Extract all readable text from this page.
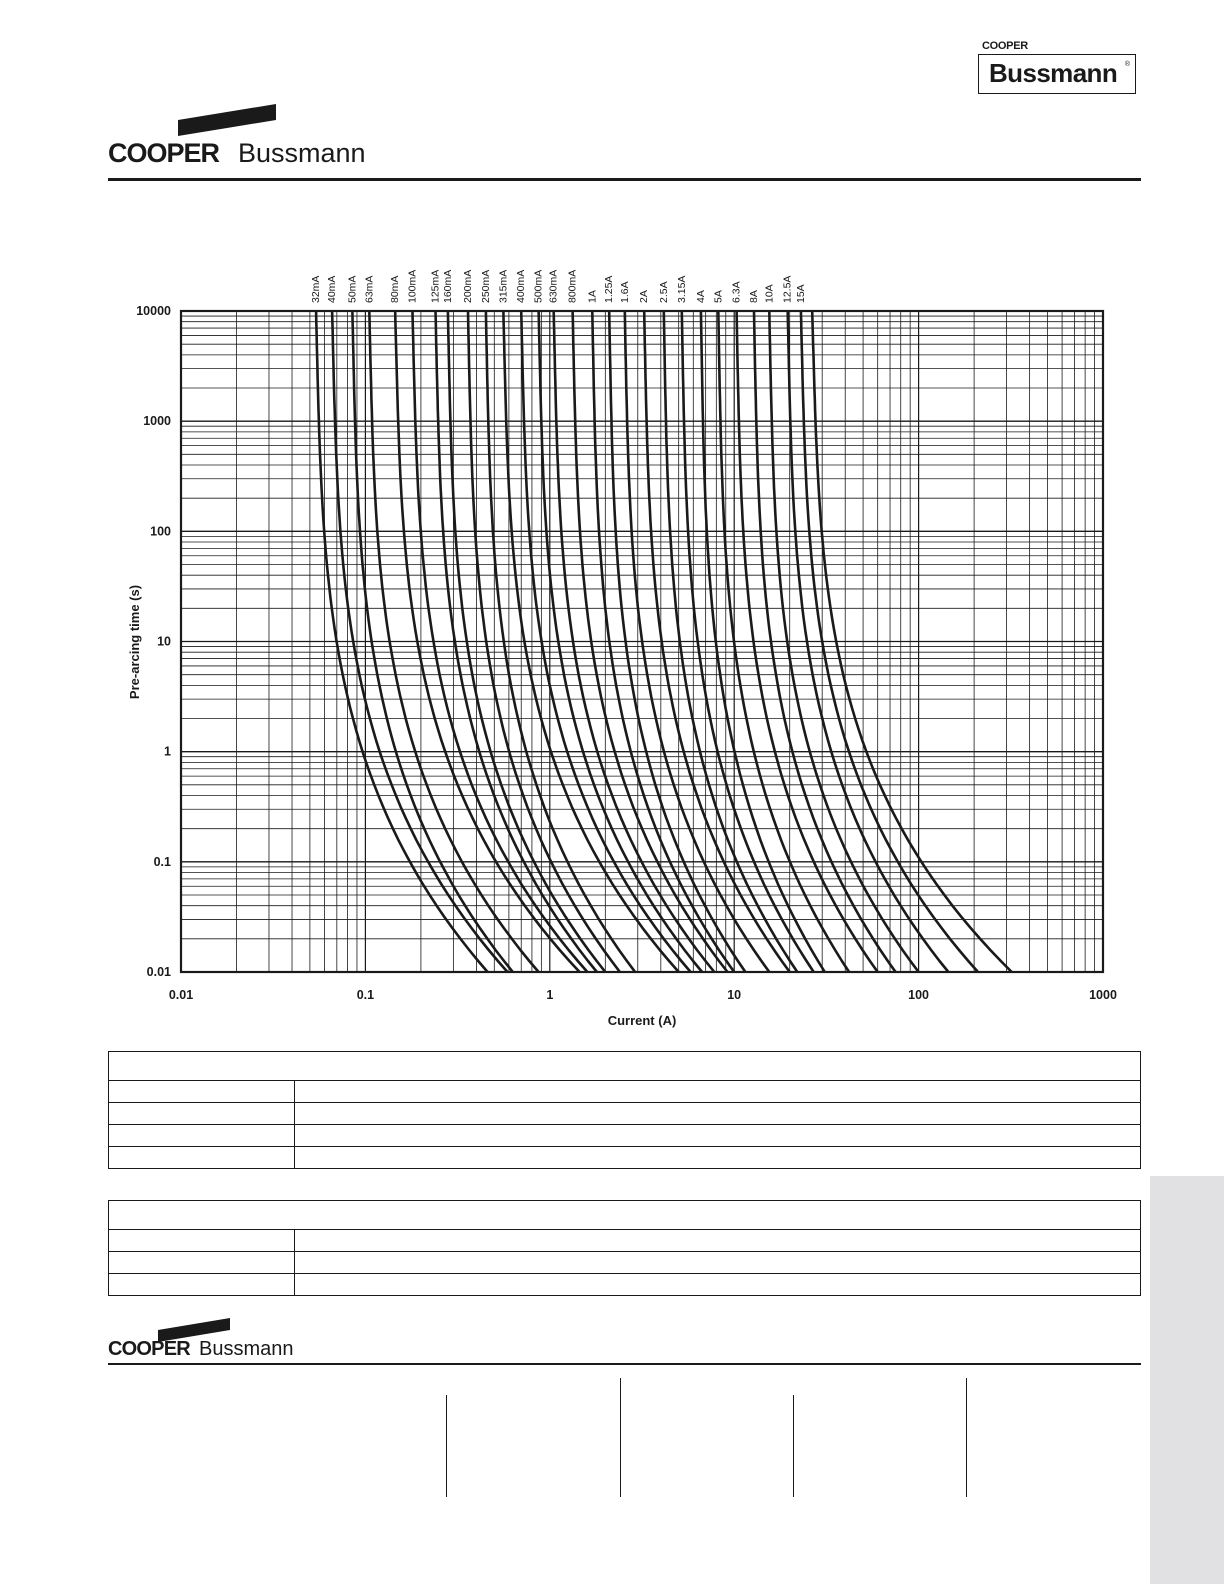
COOPER
Bussmann ®
COOPER Bussmann
32mA 40mA 50mA 63mA 80mA 100mA 125mA 160mA 200mA 250mA 315mA 400mA 500mA 630mA 800mA 1A 1.25A 1.6A 2A 2.5A 3.15A 4A 5A 6.3A 8A 10A 12.5A 15A
0.01	0.1	1	10	100	1000
10000
1000
100
10
1
0.1
0.01
Current (A)
Pre-arcing time (s)
COOPER Bussmann
